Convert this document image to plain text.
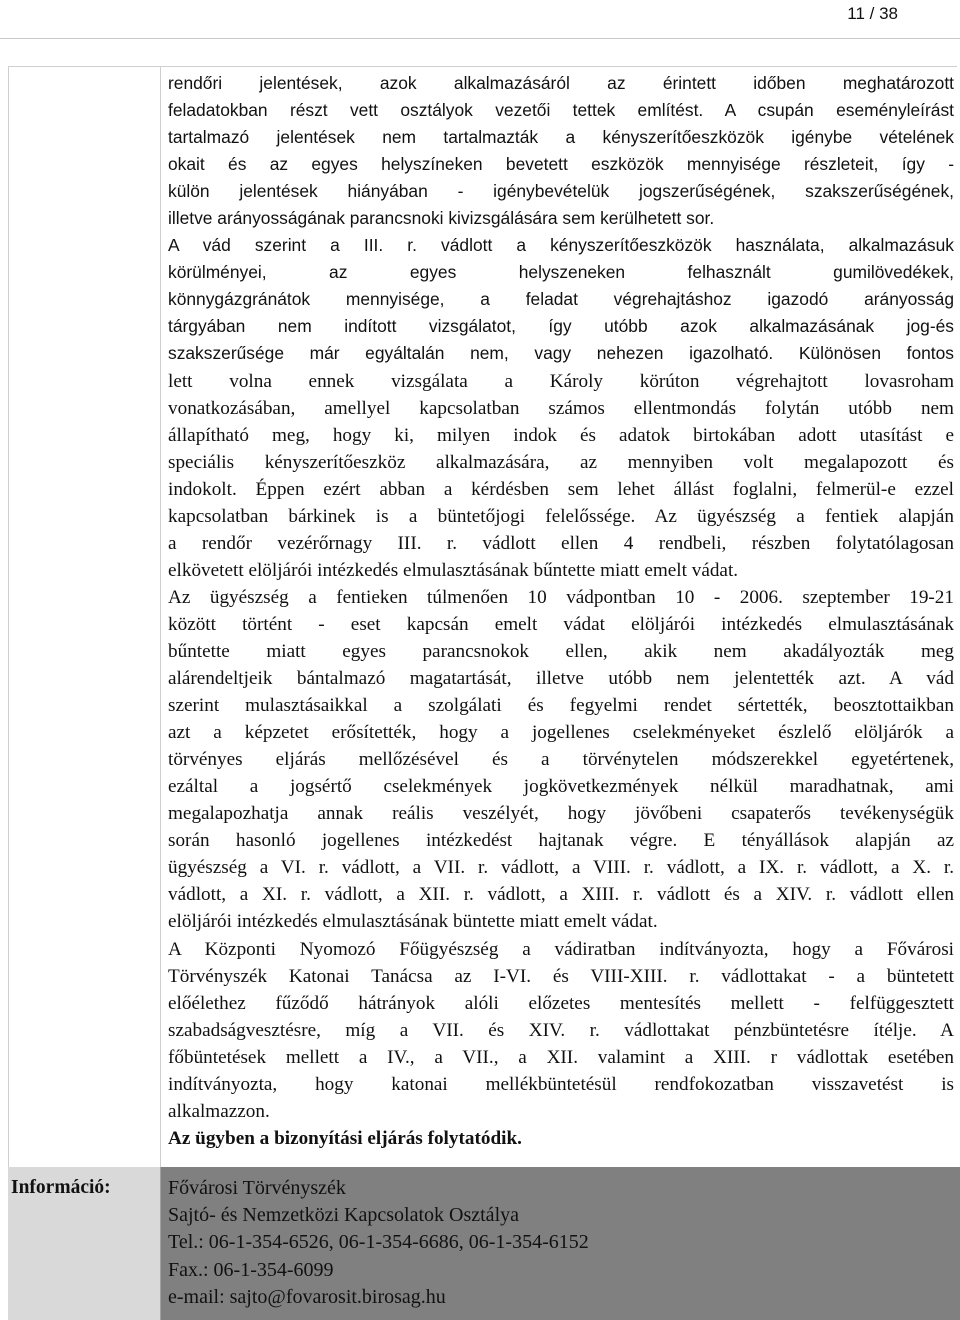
11 / 38
rendőri jelentések, azok alkalmazásáról az érintett időben meghatározott
feladatokban részt vett osztályok vezetői tettek említést. A csupán eseményleírást
tartalmazó jelentések nem tartalmazták a kényszerítőeszközök igénybe vételének
okait és az egyes helyszíneken bevetett eszközök mennyisége részleteit, így -
külön jelentések hiányában - igénybevételük jogszerűségének, szakszerűségének,
illetve arányosságának parancsnoki kivizsgálására sem kerülhetett sor.
A vád szerint a III. r. vádlott a kényszerítőeszközök használata, alkalmazásuk
körülményei, az egyes helyszeneken felhasznált gumilövedékek,
könnygázgránátok mennyisége, a feladat végrehajtáshoz igazodó arányosság
tárgyában nem indított vizsgálatot, így utóbb azok alkalmazásának jog-és
szakszerűsége már egyáltalán nem, vagy nehezen igazolható. Különösen fontos
lett volna ennek vizsgálata a Károly körúton végrehajtott lovasroham
vonatkozásában, amellyel kapcsolatban számos ellentmondás folytán utóbb nem
állapítható meg, hogy ki, milyen indok és adatok birtokában adott utasítást e
speciális kényszerítőeszköz alkalmazására, az mennyiben volt megalapozott és
indokolt. Éppen ezért abban a kérdésben sem lehet állást foglalni, felmerül-e ezzel
kapcsolatban bárkinek is a büntetőjogi felelőssége. Az ügyészség a fentiek alapján
a rendőr vezérőrnagy III. r. vádlott ellen 4 rendbeli, részben folytatólagosan
elkövetett elöljárói intézkedés elmulasztásának bűntette miatt emelt vádat.
Az ügyészség a fentieken túlmenően 10 vádpontban 10 - 2006. szeptember 19-21
között történt - eset kapcsán emelt vádat elöljárói intézkedés elmulasztásának
bűntette miatt egyes parancsnokok ellen, akik nem akadályozták meg
alárendeltjeik bántalmazó magatartását, illetve utóbb nem jelentették azt. A vád
szerint mulasztásaikkal a szolgálati és fegyelmi rendet sértették, beosztottaikban
azt a képzetet erősítették, hogy a jogellenes cselekményeket észlelő elöljárók a
törvényes eljárás mellőzésével és a törvénytelen módszerekkel egyetértenek,
ezáltal a jogsértő cselekmények jogkövetkezmények nélkül maradhatnak, ami
megalapozhatja annak reális veszélyét, hogy jövőbeni csapaterős tevékenységük
során hasonló jogellenes intézkedést hajtanak végre. E tényállások alapján az
ügyészség a VI. r. vádlott, a VII. r. vádlott, a VIII. r. vádlott, a IX. r. vádlott, a X. r.
vádlott, a XI. r. vádlott, a XII. r. vádlott, a XIII. r. vádlott és a XIV. r. vádlott ellen
elöljárói intézkedés elmulasztásának büntette miatt emelt vádat.
A Központi Nyomozó Főügyészség a vádiratban indítványozta, hogy a Fővárosi
Törvényszék Katonai Tanácsa az I-VI. és VIII-XIII. r. vádlottakat - a büntetett
előélethez fűződő hátrányok alóli előzetes mentesítés mellett - felfüggesztett
szabadságvesztésre, míg a VII. és XIV. r. vádlottakat pénzbüntetésre ítélje. A
főbüntetések mellett a IV., a VII., a XII. valamint a XIII. r vádlottak esetében
indítványozta, hogy katonai mellékbüntetésül rendfokozatban visszavetést is
alkalmazzon.
Az ügyben a bizonyítási eljárás folytatódik.
Információ:	Fővárosi Törvényszék
Sajtó- és Nemzetközi Kapcsolatok Osztálya
Tel.: 06-1-354-6526, 06-1-354-6686, 06-1-354-6152
Fax.: 06-1-354-6099
e-mail: sajto@fovarosit.birosag.hu
